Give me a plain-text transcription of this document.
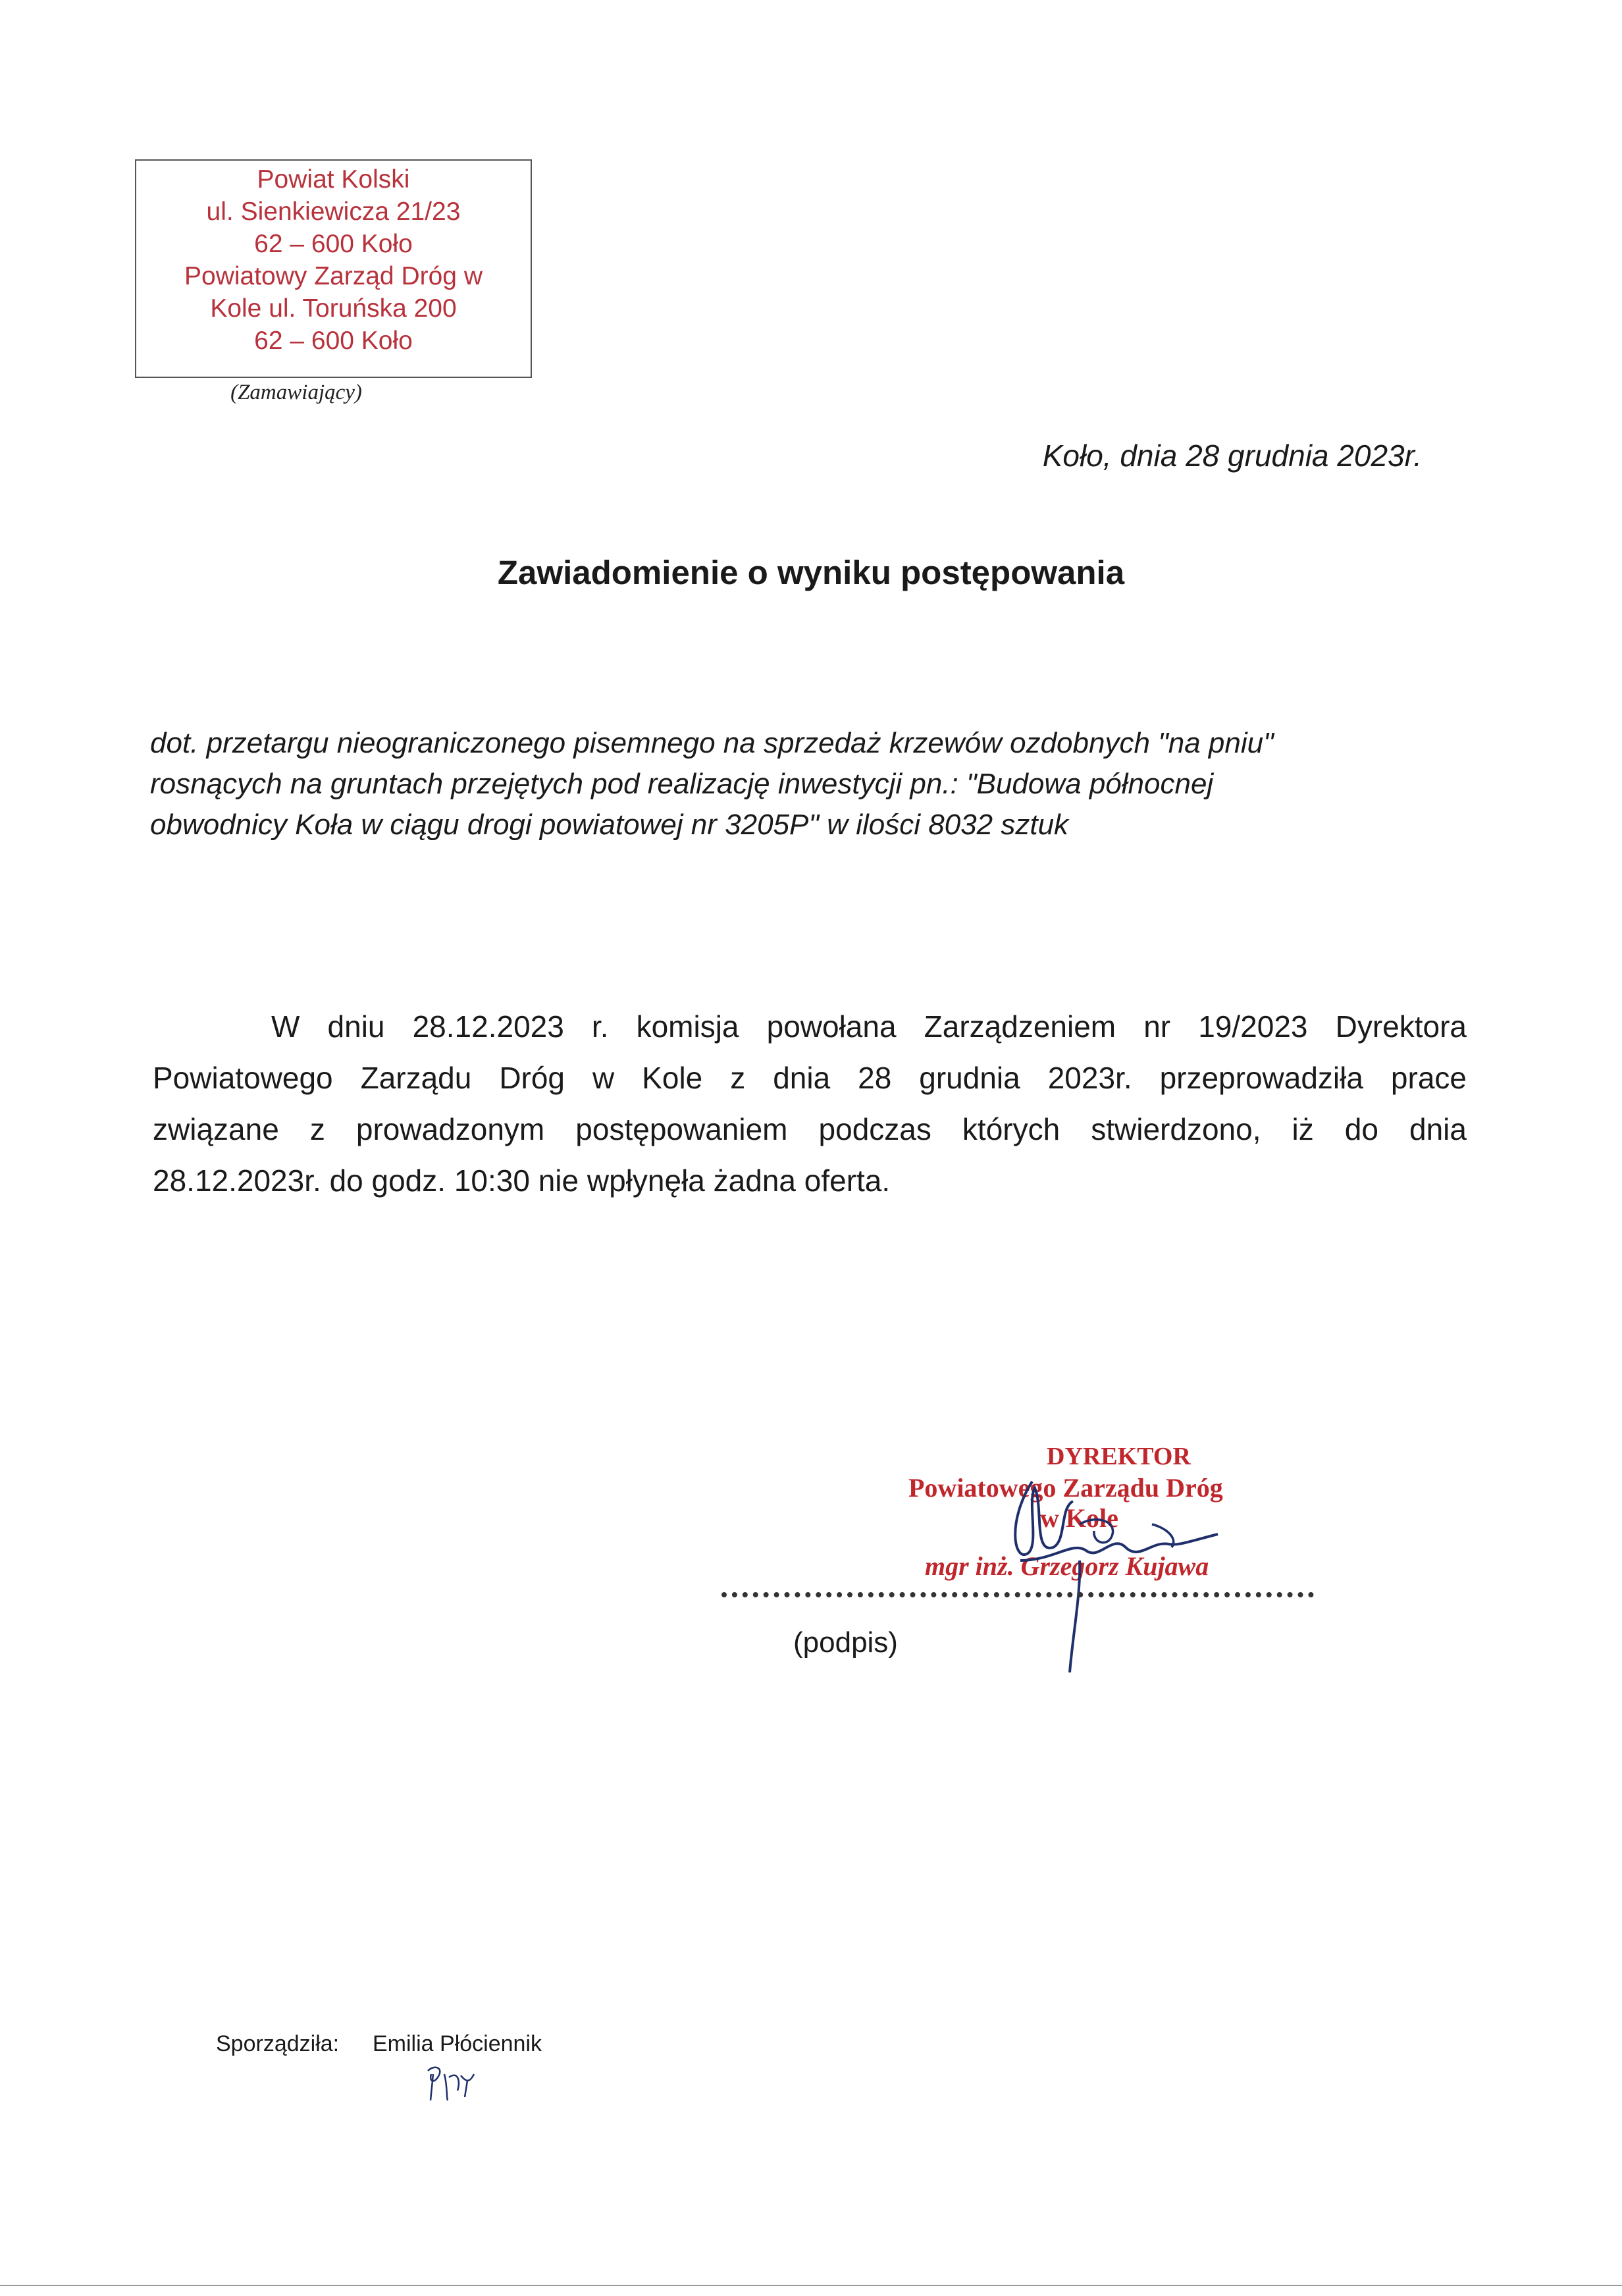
Powiat Kolski
ul. Sienkiewicza 21/23
62 – 600 Koło
Powiatowy Zarząd Dróg w
Kole ul. Toruńska 200
62 – 600 Koło
(Zamawiający)
Koło, dnia 28 grudnia 2023r.
Zawiadomienie o wyniku postępowania
dot. przetargu nieograniczonego pisemnego na sprzedaż krzewów ozdobnych "na pniu"
rosnących na gruntach przejętych pod realizację inwestycji pn.: "Budowa północnej
obwodnicy Koła w ciągu drogi powiatowej nr 3205P" w ilości 8032 sztuk
W dniu 28.12.2023 r. komisja powołana Zarządzeniem nr 19/2023 Dyrektora
Powiatowego Zarządu Dróg w Kole z dnia 28 grudnia 2023r. przeprowadziła prace
związane z prowadzonym postępowaniem podczas których stwierdzono, iż do dnia
28.12.2023r. do godz. 10:30 nie wpłynęła żadna oferta.
DYREKTOR
Powiatowego Zarządu Dróg
w Kole
mgr inż. Grzegorz Kujawa
(podpis)
Sporządziła: Emilia Płóciennik
